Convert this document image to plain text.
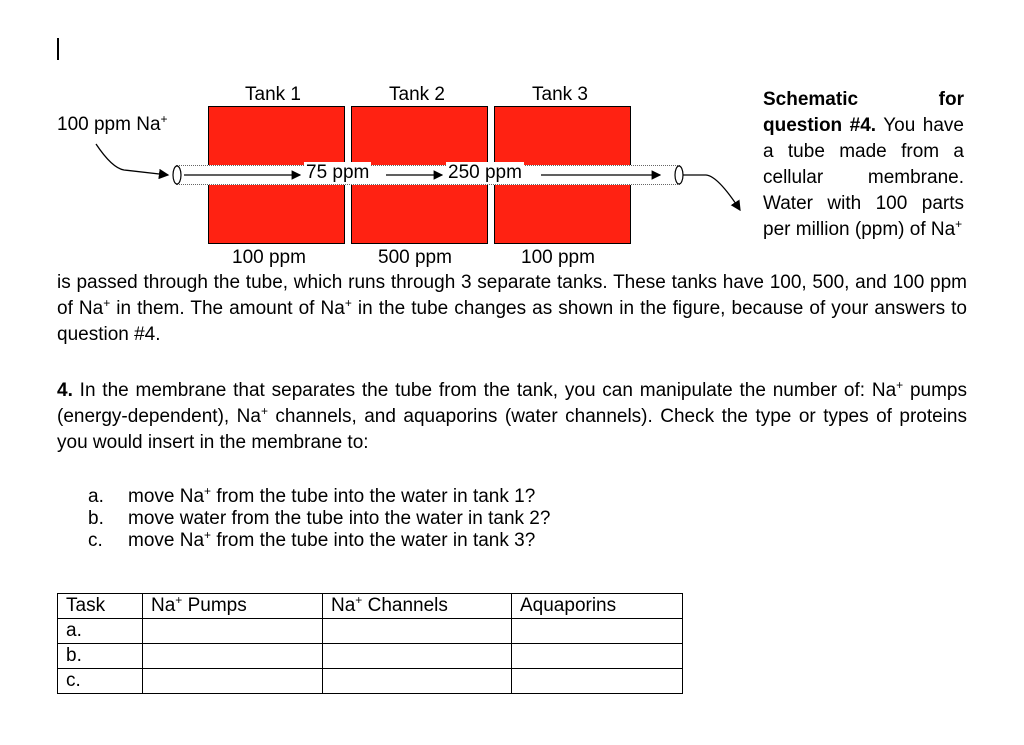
100 ppm Na+
Tank 1	Tank 2	Tank 3
75 ppm	250 ppm
100 ppm	500 ppm	100 ppm

Schematic for question #4. You have a tube made from a cellular membrane. Water with 100 parts per million (ppm) of Na+

is passed through the tube, which runs through 3 separate tanks. These tanks have 100, 500, and 100 ppm of Na+ in them. The amount of Na+ in the tube changes as shown in the figure, because of your answers to question #4.

4. In the membrane that separates the tube from the tank, you can manipulate the number of: Na+ pumps (energy-dependent), Na+ channels, and aquaporins (water channels). Check the type or types of proteins you would insert in the membrane to:

a.	move Na+ from the tube into the water in tank 1?
b.	move water from the tube into the water in tank 2?
c.	move Na+ from the tube into the water in tank 3?
Task	Na+ Pumps	Na+ Channels	Aquaporins
a.			
b.			
c.			
